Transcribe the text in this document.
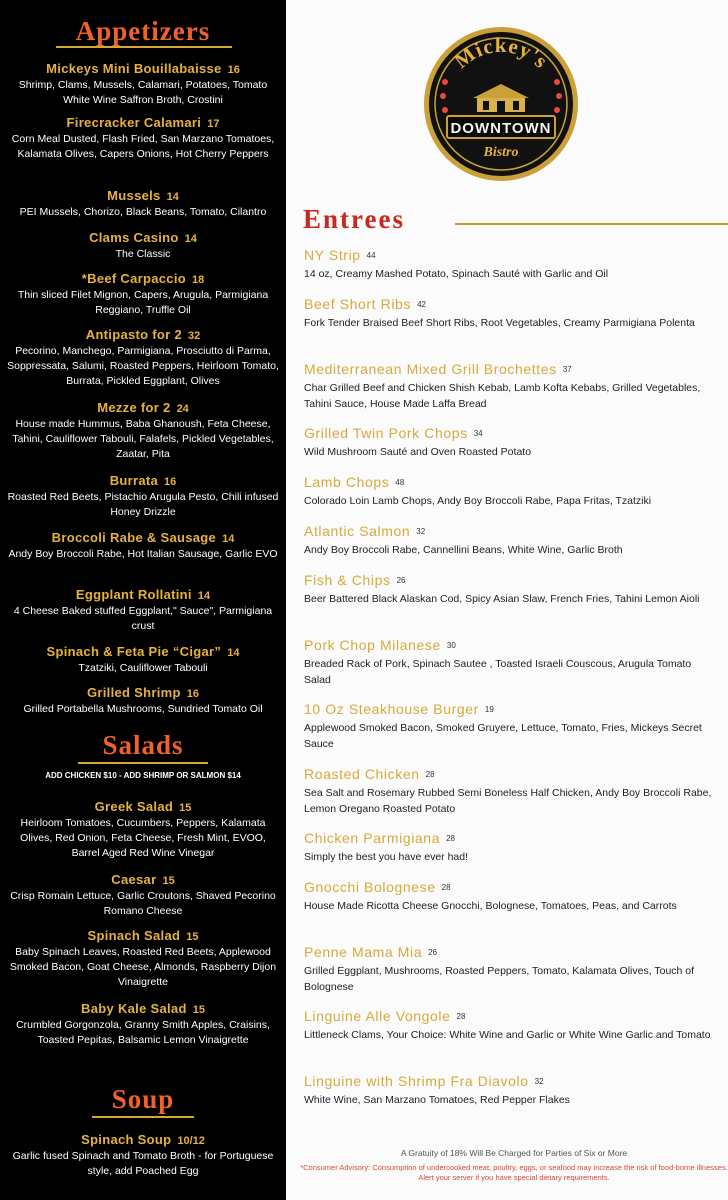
Appetizers
Mickeys Mini Bouillabaisse 16
Shrimp, Clams, Mussels, Calamari, Potatoes, Tomato White Wine Saffron Broth, Crostini
Firecracker Calamari 17
Corn Meal Dusted, Flash Fried, San Marzano Tomatoes, Kalamata Olives, Capers Onions, Hot Cherry Peppers
Mussels 14
PEI Mussels, Chorizo, Black Beans, Tomato, Cilantro
Clams Casino 14
The Classic
*Beef Carpaccio 18
Thin sliced Filet Mignon, Capers, Arugula, Parmigiana Reggiano, Truffle Oil
Antipasto for 2 32
Pecorino, Manchego, Parmigiana, Prosciutto di Parma, Soppressata, Salumi, Roasted Peppers, Heirloom Tomato, Burrata, Pickled Eggplant, Olives
Mezze for 2 24
House made Hummus, Baba Ghanoush, Feta Cheese, Tahini, Cauliflower Tabouli, Falafels, Pickled Vegetables, Zaatar, Pita
Burrata 16
Roasted Red Beets, Pistachio Arugula Pesto, Chili infused Honey Drizzle
Broccoli Rabe & Sausage 14
Andy Boy Broccoli Rabe, Hot Italian Sausage, Garlic EVO
Eggplant Rollatini 14
4 Cheese Baked stuffed Eggplant," Sauce", Parmigiana crust
Spinach & Feta Pie “Cigar” 14
Tzatziki, Cauliflower Tabouli
Grilled Shrimp 16
Grilled Portabella Mushrooms, Sundried Tomato Oil
Salads
ADD CHICKEN $10 - ADD SHRIMP OR SALMON $14
Greek Salad 15
Heirloom Tomatoes, Cucumbers, Peppers, Kalamata Olives, Red Onion, Feta Cheese, Fresh Mint, EVOO, Barrel Aged Red Wine Vinegar
Caesar 15
Crisp Romain Lettuce, Garlic Croutons, Shaved Pecorino Romano Cheese
Spinach Salad 15
Baby Spinach Leaves, Roasted Red Beets, Applewood Smoked Bacon, Goat Cheese, Almonds, Raspberry Dijon Vinaigrette
Baby Kale Salad 15
Crumbled Gorgonzola, Granny Smith Apples, Craisins, Toasted Pepitas, Balsamic Lemon Vinaigrette
Soup
Spinach Soup 10/12
Garlic fused Spinach and Tomato Broth - for Portuguese style, add Poached Egg
Mickey's
DOWNTOWN
Bistro
Entrees
NY Strip 44
14 oz, Creamy Mashed Potato, Spinach Sauté with Garlic and Oil
Beef Short Ribs 42
Fork Tender Braised Beef Short Ribs, Root Vegetables, Creamy Parmigiana Polenta
Mediterranean Mixed Grill Brochettes 37
Char Grilled Beef and Chicken Shish Kebab, Lamb Kofta Kebabs, Grilled Vegetables, Tahini Sauce, House Made Laffa Bread
Grilled Twin Pork Chops 34
Wild Mushroom Sauté and Oven Roasted Potato
Lamb Chops 48
Colorado Loin Lamb Chops, Andy Boy Broccoli Rabe, Papa Fritas, Tzatziki
Atlantic Salmon 32
Andy Boy Broccoli Rabe, Cannellini Beans, White Wine, Garlic Broth
Fish & Chips 26
Beer Battered Black Alaskan Cod, Spicy Asian Slaw, French Fries, Tahini Lemon Aioli
Pork Chop Milanese 30
Breaded Rack of Pork, Spinach Sautee , Toasted Israeli Couscous, Arugula Tomato Salad
10 Oz Steakhouse Burger 19
Applewood Smoked Bacon, Smoked Gruyere, Lettuce, Tomato, Fries, Mickeys Secret Sauce
Roasted Chicken 28
Sea Salt and Rosemary Rubbed Semi Boneless Half Chicken, Andy Boy Broccoli Rabe, Lemon Oregano Roasted Potato
Chicken Parmigiana 28
Simply the best you have ever had!
Gnocchi Bolognese 28
House Made Ricotta Cheese Gnocchi, Bolognese, Tomatoes, Peas, and Carrots
Penne Mama Mia 26
Grilled Eggplant, Mushrooms, Roasted Peppers, Tomato, Kalamata Olives, Touch of Bolognese
Linguine Alle Vongole 28
Littleneck Clams, Your Choice: White Wine and Garlic or White Wine Garlic and Tomato
Linguine with Shrimp Fra Diavolo 32
White Wine, San Marzano Tomatoes, Red Pepper Flakes
A Gratuity of 18% Will Be Charged for Parties of Six or More
*Consumer Advisory: Consumption of undercooked meat, poultry, eggs, or seafood may increase the risk of food-borne illnesses. Alert your server if you have special dietary requirements.
